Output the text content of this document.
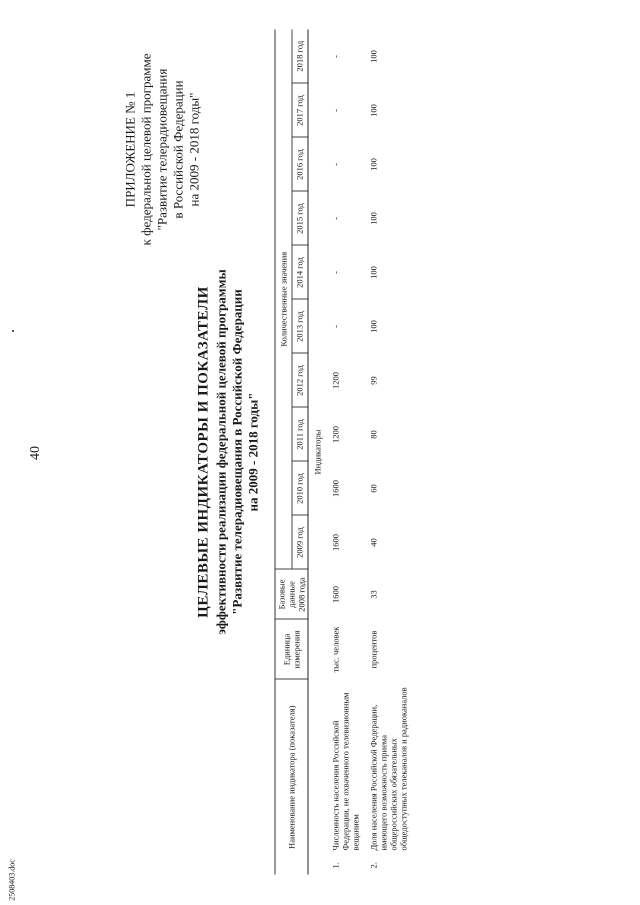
40
2508403.doc
ПРИЛОЖЕНИЕ № 1 к федеральной целевой программе "Развитие телерадиовещания в Российской Федерации на 2009 - 2018 годы"
ЦЕЛЕВЫЕ ИНДИКАТОРЫ И ПОКАЗАТЕЛИ эффективности реализации федеральной целевой программы "Развитие телерадиовещания в Российской Федерации на 2009 - 2018 годы"
Наименование индикатора (показателя)		Единица измерения	Базовые данные 2008 года	Количественные значения									
				2009 год	2010 год	2011 год	2012 год	2013 год	2014 год	2015 год	2016 год	2017 год	2018 год
Индикаторы													
1.	Численность населения Российской Федерации, не охваченного телевизионным вещанием	тыс. человек	1600	1600	1600	1200	1200	-	-	-	-	-	-
2.	Доля населения Российской Федерации, имеющего возможность приема общероссийских обязательных общедоступных телеканалов и радиоканалов	процентов	33	40	60	80	99	100	100	100	100	100	100
